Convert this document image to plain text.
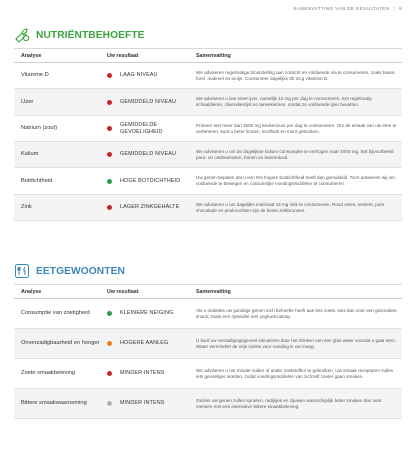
SAMENVATTING VAN DE RESULTATEN | 9
NUTRIËNTBEHOEFTE
Analyse	Uw resultaat	Samenvatting
Vitamine D	LAAG NIVEAU	We adviseren regelmatige blootstelling aan zonlicht en voldoende via te consumeren, zoals baars, forel, makreel en tonijn. Consumeer dagelijks 30 mcg vitamine D.
IJzer	GEMIDDELD NIVEAU	We adviseren u iets meer ijzer, namelijk 12 mg per dag te consumeren. Eet regelmatig schaaldieren, zilvervliesrijst en tarwekiemen, omdat ze voldoende ijzer bevatten.
Natrium (zout)	GEMIDDELDE GEVOELIGHEID	Probeer niet meer dan 1500 mg keukenzout per dag te consumeren. Om de smaak van uw eten te verbeteren, kunt u beter limoen, knoflook en munt gebruiken.
Kalium	GEMIDDELD NIVEAU	We adviseren u om de dagelijkse kalium consumptie te verhogen naar 4000 mg. Eet bijvoorbeeld para- en cashewnoten, bonen en boerenkool.
Botdichtheid	HOGE BOTDICHTHEID	Uw genen bepalen dat u een 9% hogere botdichtheid heeft dan gemiddeld. Toch adviseren wij om voldoende te bewegen en calciumrijke voedingsmiddelen te consumeren.
Zink	LAGER ZINKGEHALTE	We adviseren u om dagelijks minimaal 16 mg zink te consumeren. Rood vlees, oesters, pure chocolade en peulvruchten zijn de beste zinkbronnen.
EETGEWOONTEN
Analyse	Uw resultaat	Samenvatting
Consumptie van zoetigheid	KLEINERE NEIGING	Als u ondanks uw gunstige genen toch behoefte heeft aan iets zoets, kies dan voor een gezondere snack, zoals een rijstwafel met yoghurtcoating.
Onverzadigbaarheid en honger	HOGERE AANLEG	U kunt uw verzadigingsgevoel stimuleren door het drinken van een glas water voordat u gaat eten. Water vermindert de vrije ruimte voor voeding in uw maag.
Zoete smaakbeleving	MINDER INTENS	We adviseren u om minder suiker of ander zoetstoffen te gebruiken. Uw smaak receptoren zullen iets gevoeliger worden, zodat voedingsmiddelen van zichzelf zoeter gaan smaken.
Bittere smaakwaarneming	MINDER INTENS	Gezien uw genen zullen spruiten, radijsjes en zijuwen waarschijnlijk beter smaken dan voor mensen met een intensieve bittere smaakbeleving.
